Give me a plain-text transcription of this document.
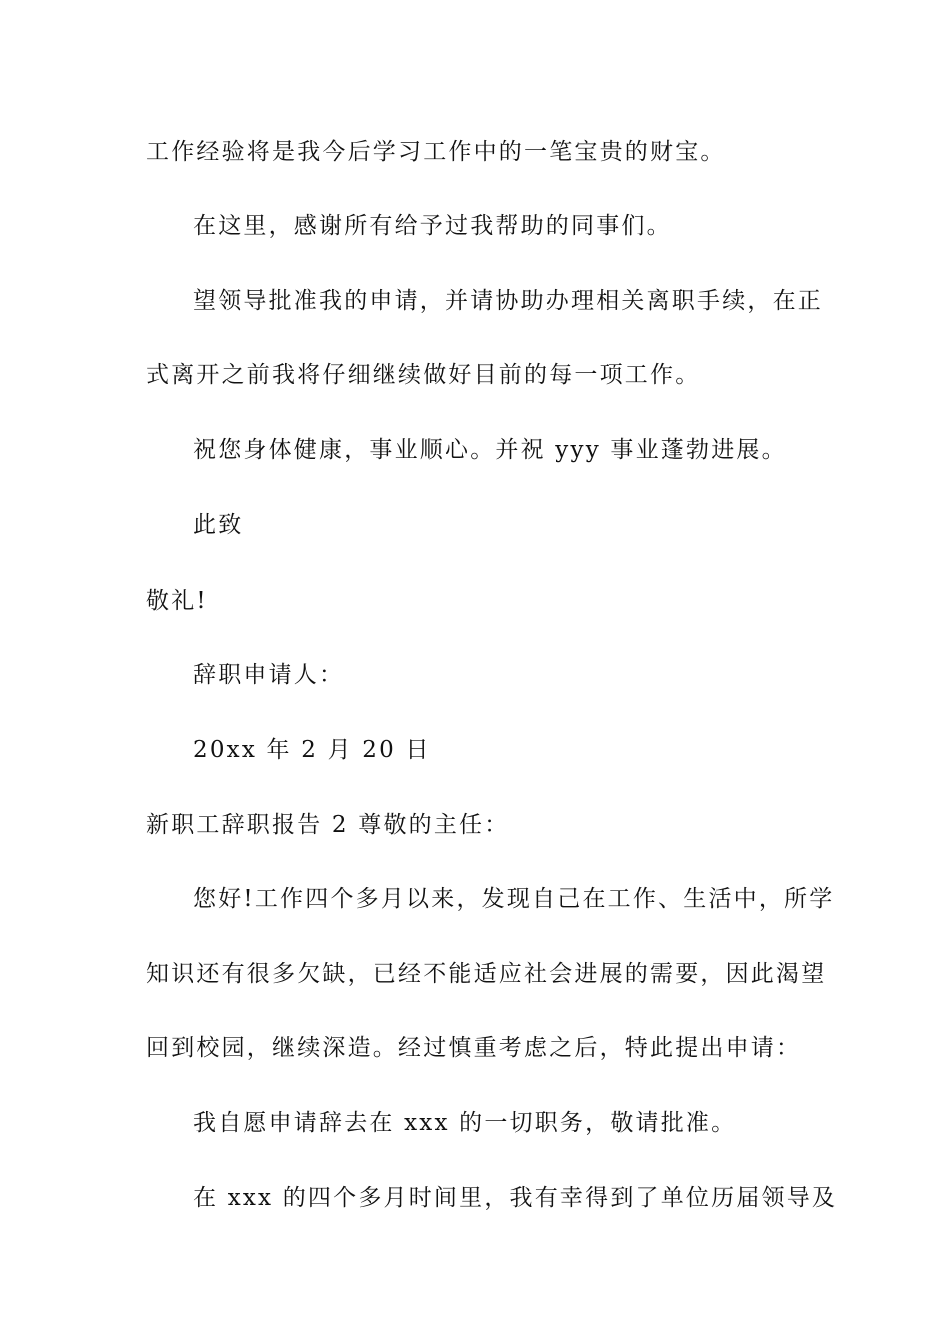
工作经验将是我今后学习工作中的一笔宝贵的财宝。
在这里，感谢所有给予过我帮助的同事们。
望领导批准我的申请，并请协助办理相关离职手续，在正
式离开之前我将仔细继续做好目前的每一项工作。
祝您身体健康，事业顺心。并祝 yyy 事业蓬勃进展。
此致
敬礼!
辞职申请人：
20xx 年 2 月 20 日
新职工辞职报告 2 尊敬的主任：
您好!工作四个多月以来，发现自己在工作、生活中，所学
知识还有很多欠缺，已经不能适应社会进展的需要，因此渴望
回到校园，继续深造。经过慎重考虑之后，特此提出申请：
我自愿申请辞去在 xxx 的一切职务，敬请批准。
在 xxx 的四个多月时间里，我有幸得到了单位历届领导及
